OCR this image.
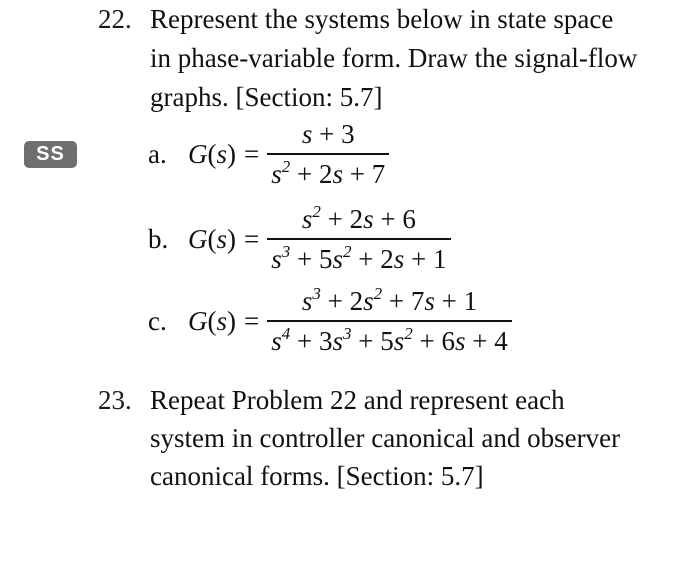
22. Represent the systems below in state space
in phase-variable form. Draw the signal-flow
graphs. [Section: 5.7]
SS	a. $G(s) = \frac{s + 3}{s^2 + 2s + 7}$
b. $G(s) = \frac{s^2 + 2s + 6}{s^3 + 5s^2 + 2s + 1}$
c. $G(s) = \frac{s^3 + 2s^2 + 7s + 1}{s^4 + 3s^3 + 5s^2 + 6s + 4}$
23. Repeat Problem 22 and represent each
system in controller canonical and observer
canonical forms. [Section: 5.7]
